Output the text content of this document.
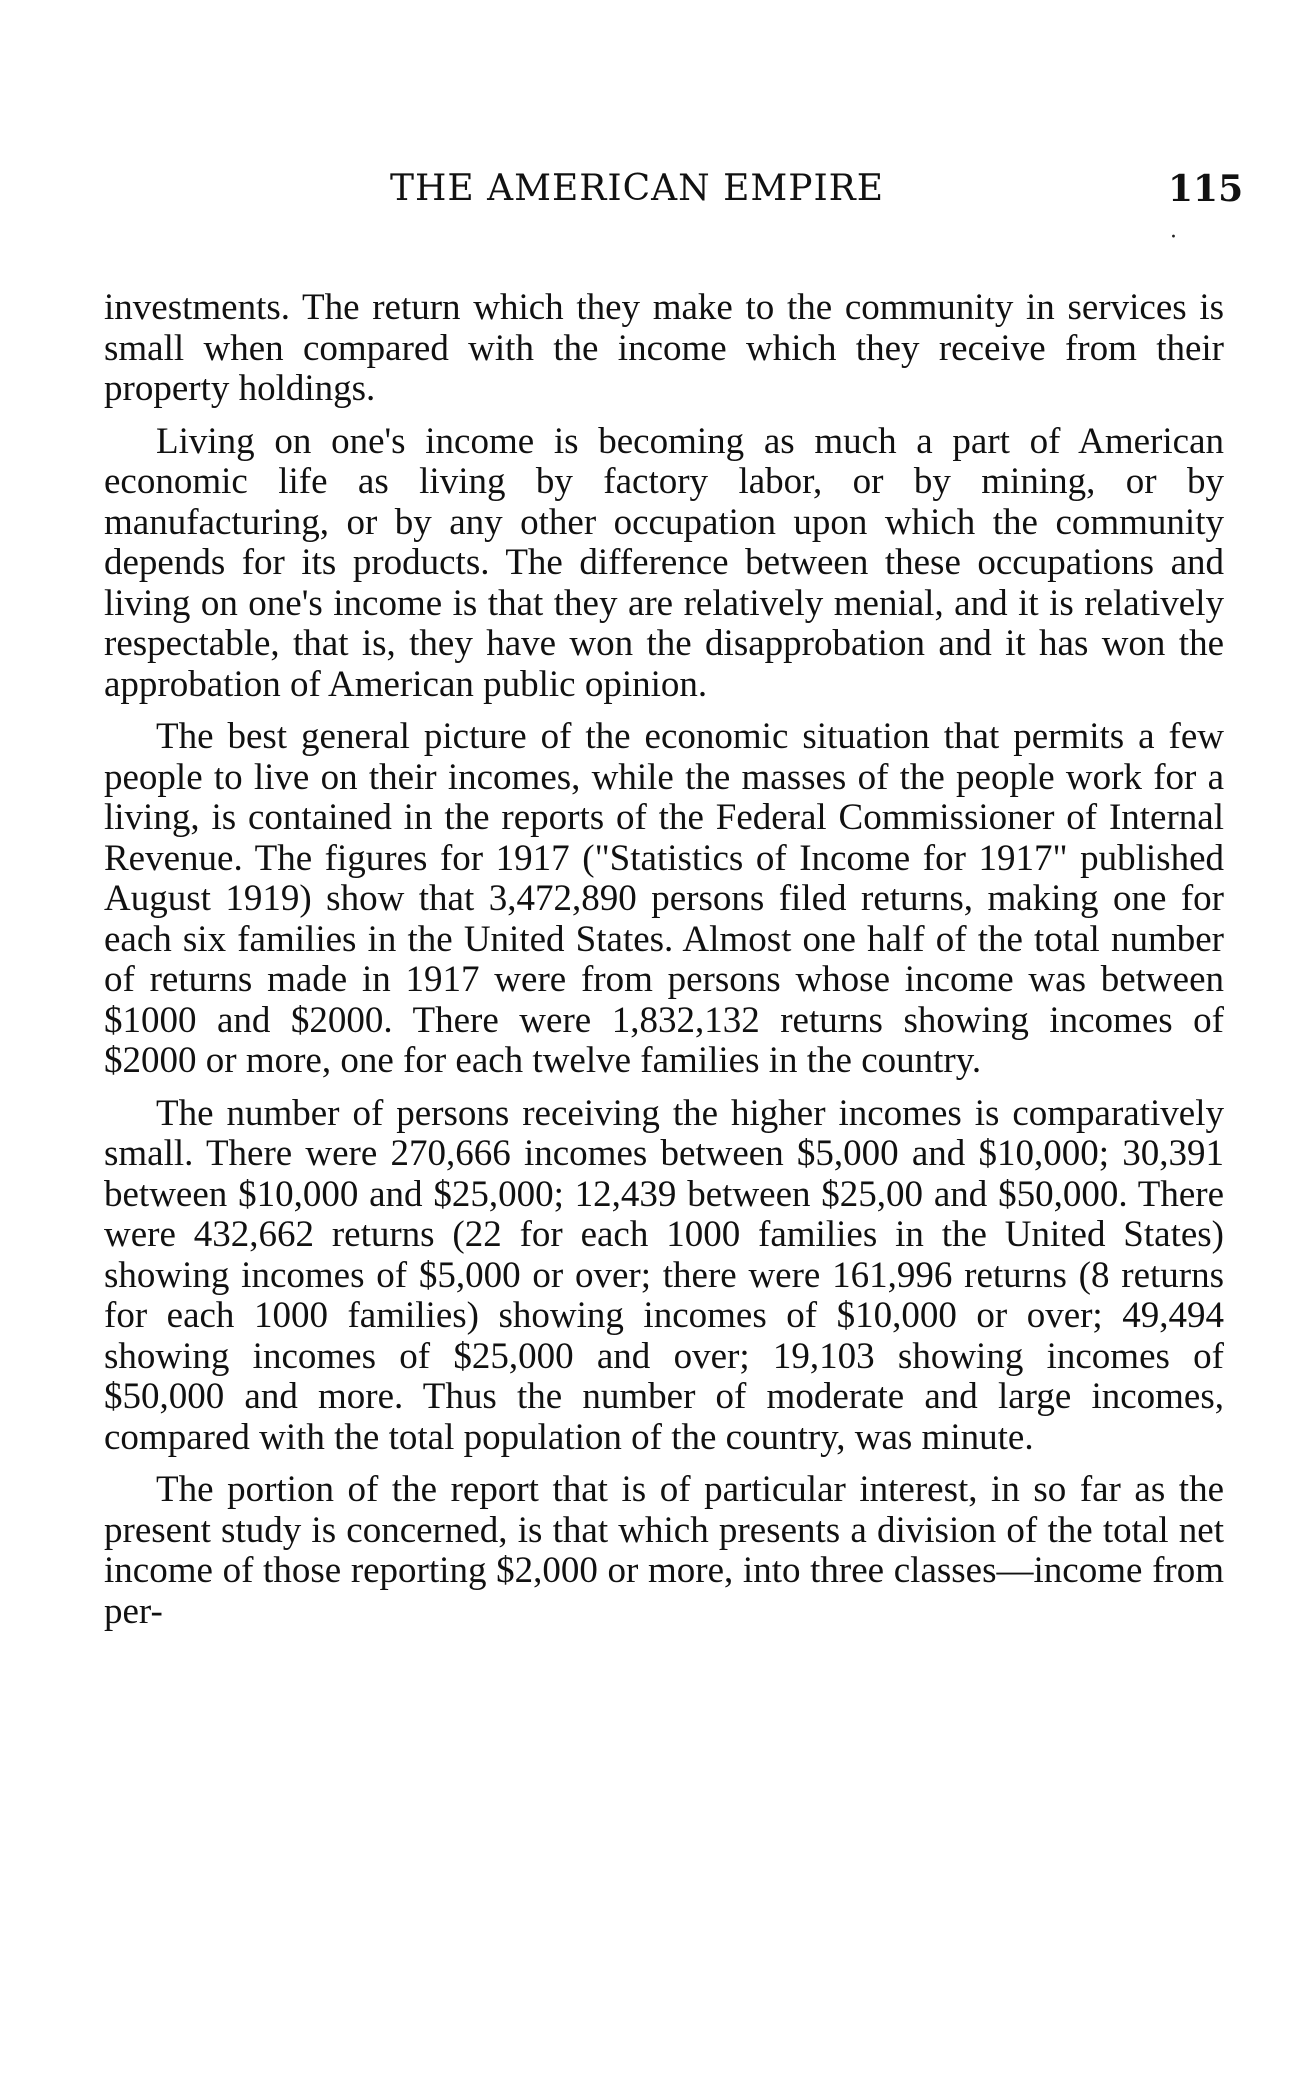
THE AMERICAN EMPIRE	115
·

investments. The return which they make to the community in services is small when compared with the income which they receive from their property holdings.

Living on one's income is becoming as much a part of American economic life as living by factory labor, or by mining, or by manufacturing, or by any other occupation upon which the community depends for its products. The difference between these occupations and living on one's income is that they are relatively menial, and it is relatively respectable, that is, they have won the disapprobation and it has won the approbation of American public opinion.

The best general picture of the economic situation that permits a few people to live on their incomes, while the masses of the people work for a living, is contained in the reports of the Federal Commissioner of Internal Revenue. The figures for 1917 ("Statistics of Income for 1917" published August 1919) show that 3,472,890 persons filed returns, making one for each six families in the United States. Almost one half of the total number of returns made in 1917 were from persons whose income was between $1000 and $2000. There were 1,832,132 returns showing incomes of $2000 or more, one for each twelve families in the country.

The number of persons receiving the higher incomes is comparatively small. There were 270,666 incomes between $5,000 and $10,000; 30,391 between $10,000 and $25,000; 12,439 between $25,00 and $50,000. There were 432,662 returns (22 for each 1000 families in the United States) showing incomes of $5,000 or over; there were 161,996 returns (8 returns for each 1000 families) showing incomes of $10,000 or over; 49,494 showing incomes of $25,000 and over; 19,103 showing incomes of $50,000 and more. Thus the number of moderate and large incomes, compared with the total population of the country, was minute.

The portion of the report that is of particular interest, in so far as the present study is concerned, is that which presents a division of the total net income of those reporting $2,000 or more, into three classes—income from per-
